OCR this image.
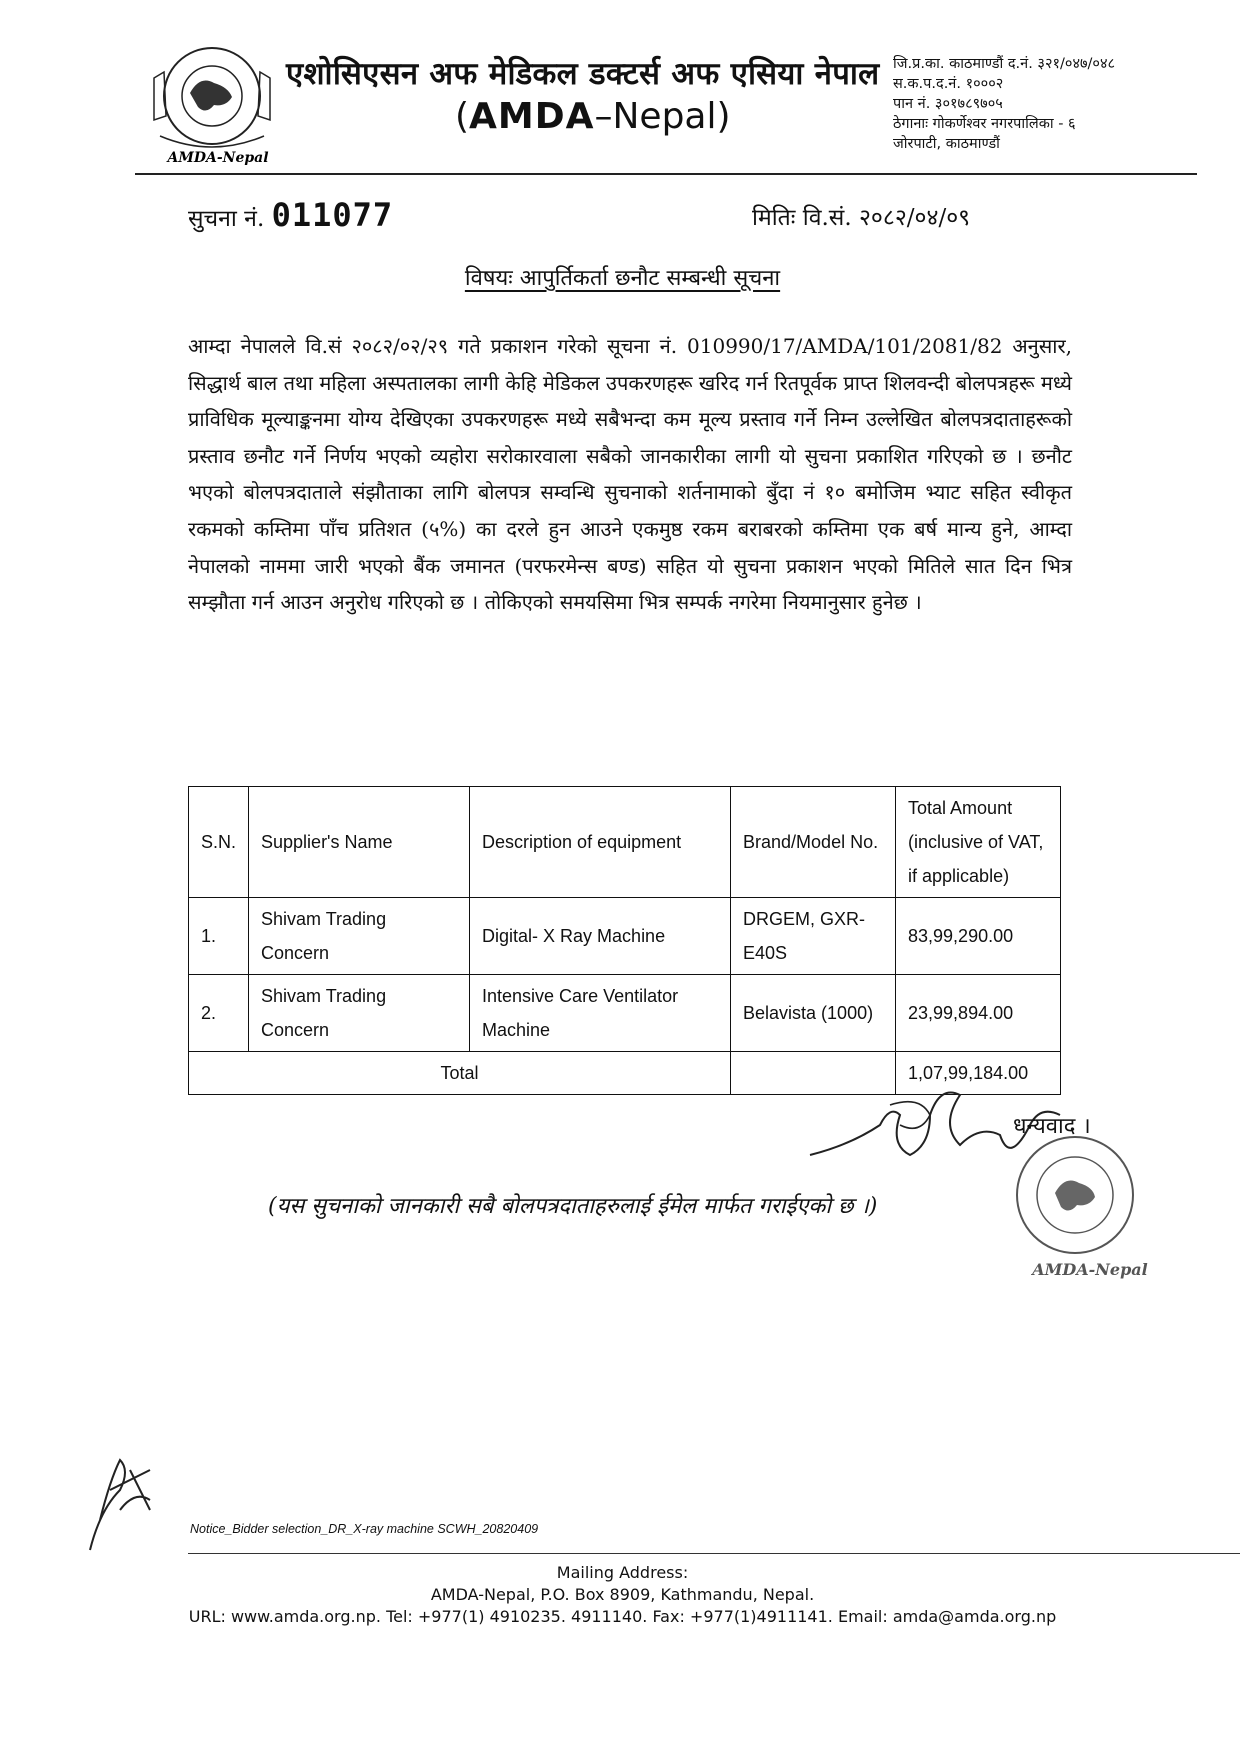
AMDA-Nepal
एशोसिएसन अफ मेडिकल डक्टर्स अफ एसिया नेपाल
(AMDA–Nepal)
जि.प्र.का. काठमाण्डौं द.नं. ३२१/०४७/०४८
स.क.प.द.नं. १०००२
पान नं. ३०१७८९७०५
ठेगानाः गोकर्णेश्वर नगरपालिका - ६
जोरपाटी, काठमाण्डौं
सुचना नं. 011077	मितिः वि.सं. २०८२/०४/०९
विषयः आपुर्तिकर्ता छनौट सम्बन्धी सूचना
आम्दा नेपालले वि.सं २०८२/०२/२९ गते प्रकाशन गरेको सूचना नं. 010990/17/AMDA/101/2081/82 अनुसार, सिद्धार्थ बाल तथा महिला अस्पतालका लागी केहि मेडिकल उपकरणहरू खरिद गर्न रितपूर्वक प्राप्त शिलवन्दी बोलपत्रहरू मध्ये प्राविधिक मूल्याङ्कनमा योग्य देखिएका उपकरणहरू मध्ये सबैभन्दा कम मूल्य प्रस्ताव गर्ने निम्न उल्लेखित बोलपत्रदाताहरूको प्रस्ताव छनौट गर्ने निर्णय भएको व्यहोरा सरोकारवाला सबैको जानकारीका लागी यो सुचना प्रकाशित गरिएको छ । छनौट भएको बोलपत्रदाताले संझौताका लागि बोलपत्र सम्वन्धि सुचनाको शर्तनामाको बुँदा नं १० बमोजिम भ्याट सहित स्वीकृत रकमको कम्तिमा पाँच प्रतिशत (५%) का दरले हुन आउने एकमुष्ठ रकम बराबरको कम्तिमा एक बर्ष मान्य हुने, आम्दा नेपालको नाममा जारी भएको बैंक जमानत (परफरमेन्स बण्ड) सहित यो सुचना प्रकाशन भएको मितिले सात दिन भित्र सम्झौता गर्न आउन अनुरोध गरिएको छ । तोकिएको समयसिमा भित्र सम्पर्क नगरेमा नियमानुसार हुनेछ ।
S.N.	Supplier's Name	Description of equipment	Brand/Model No.	Total Amount (inclusive of VAT, if applicable)
1.	Shivam Trading Concern	Digital- X Ray Machine	DRGEM, GXR-E40S	83,99,290.00
2.	Shivam Trading Concern	Intensive Care Ventilator Machine	Belavista (1000)	23,99,894.00
Total				1,07,99,184.00
धन्यवाद ।
AMDA-Nepal
(यस सुचनाको जानकारी सबै बोलपत्रदाताहरुलाई ईमेल मार्फत गराईएको छ ।)
Notice_Bidder selection_DR_X-ray machine SCWH_20820409
Mailing Address:
AMDA-Nepal, P.O. Box 8909, Kathmandu, Nepal.
URL: www.amda.org.np. Tel: +977(1) 4910235. 4911140. Fax: +977(1)4911141. Email: amda@amda.org.np
